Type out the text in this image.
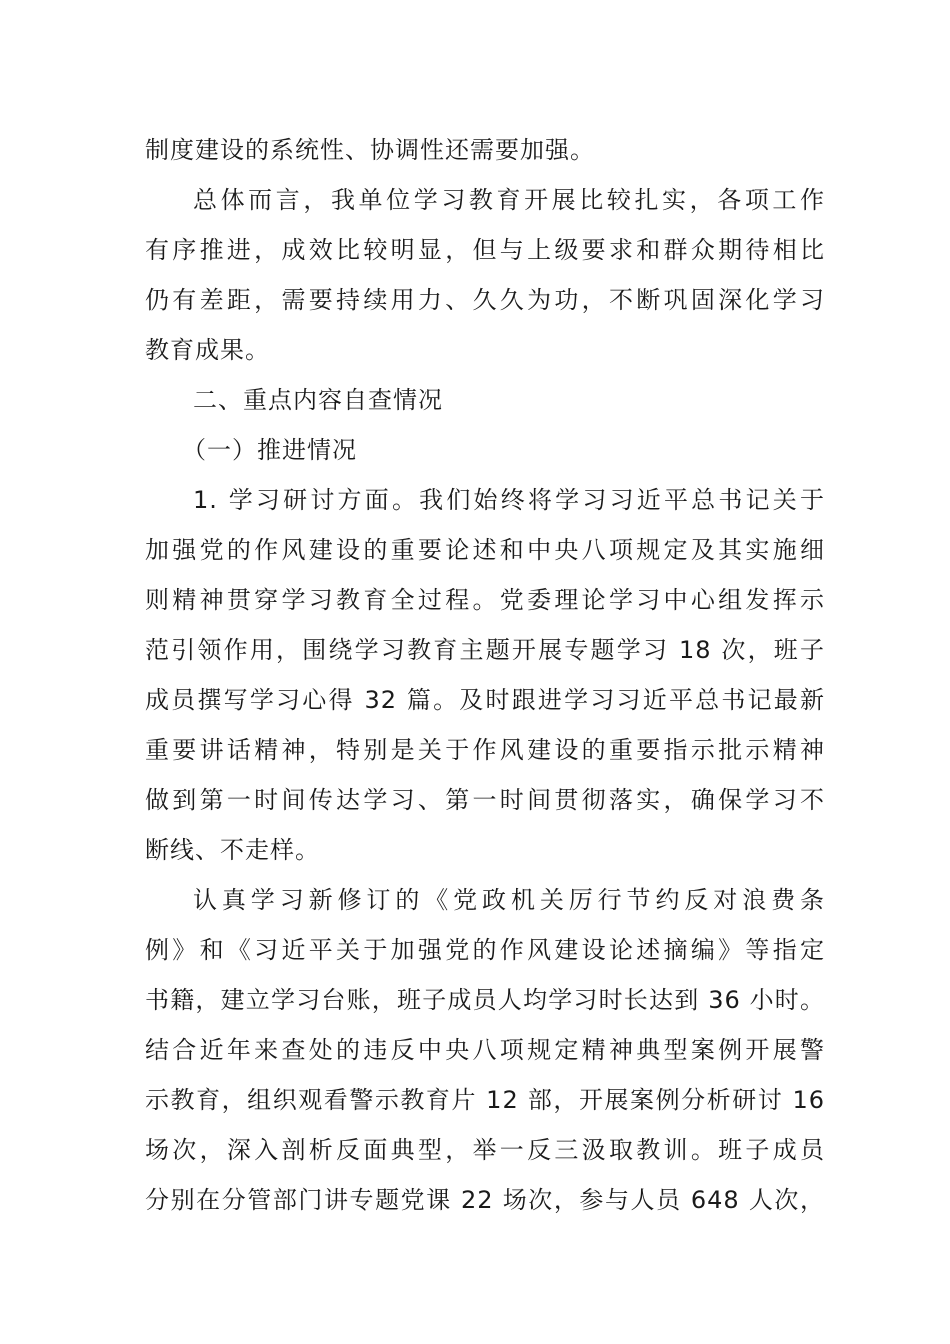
制度建设的系统性、协调性还需要加强。

总体而言，我单位学习教育开展比较扎实，各项工作

有序推进，成效比较明显，但与上级要求和群众期待相比

仍有差距，需要持续用力、久久为功，不断巩固深化学习

教育成果。

二、重点内容自查情况

（一）推进情况

1. 学习研讨方面。我们始终将学习习近平总书记关于

加强党的作风建设的重要论述和中央八项规定及其实施细

则精神贯穿学习教育全过程。党委理论学习中心组发挥示

范引领作用，围绕学习教育主题开展专题学习 18 次，班子

成员撰写学习心得 32 篇。及时跟进学习习近平总书记最新

重要讲话精神，特别是关于作风建设的重要指示批示精神

做到第一时间传达学习、第一时间贯彻落实，确保学习不

断线、不走样。

认真学习新修订的《党政机关厉行节约反对浪费条

例》和《习近平关于加强党的作风建设论述摘编》等指定

书籍，建立学习台账，班子成员人均学习时长达到 36 小时。

结合近年来查处的违反中央八项规定精神典型案例开展警

示教育，组织观看警示教育片 12 部，开展案例分析研讨 16

场次，深入剖析反面典型，举一反三汲取教训。班子成员

分别在分管部门讲专题党课 22 场次，参与人员 648 人次，
